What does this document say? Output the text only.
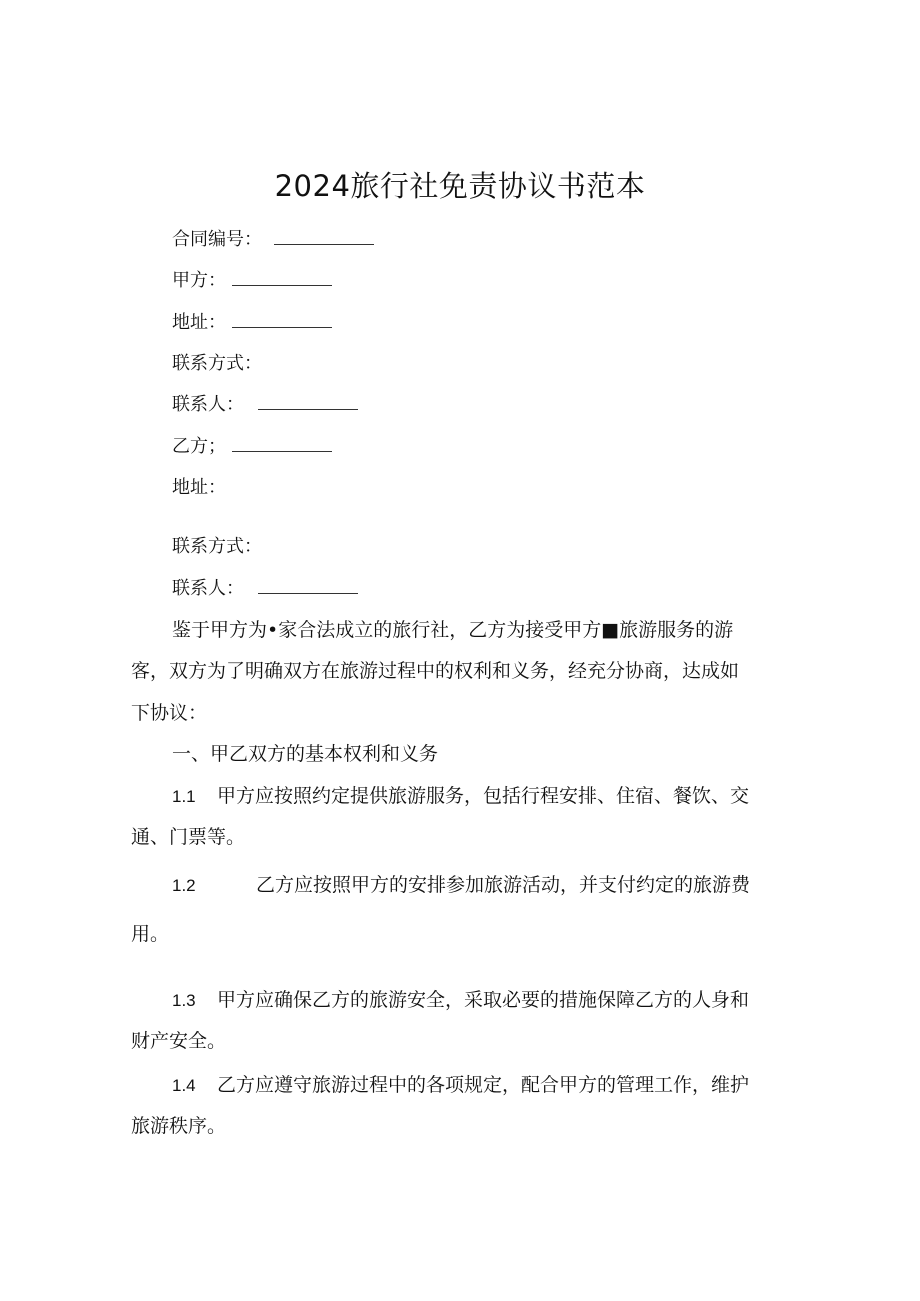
2024旅行社免责协议书范本
合同编号：
甲方：
地址：
联系方式：
联系人：
乙方；
地址：
联系方式：
联系人：
鉴于甲方为•家合法成立的旅行社，乙方为接受甲方■旅游服务的游
客，双方为了明确双方在旅游过程中的权利和义务，经充分协商，达成如
下协议：
一、甲乙双方的基本权利和义务
1.1 甲方应按照约定提供旅游服务，包括行程安排、住宿、餐饮、交
通、门票等。
1.2	乙方应按照甲方的安排参加旅游活动，并支付约定的旅游费
用。
1.3 甲方应确保乙方的旅游安全，采取必要的措施保障乙方的人身和
财产安全。
1.4 乙方应遵守旅游过程中的各项规定，配合甲方的管理工作，维护
旅游秩序。
